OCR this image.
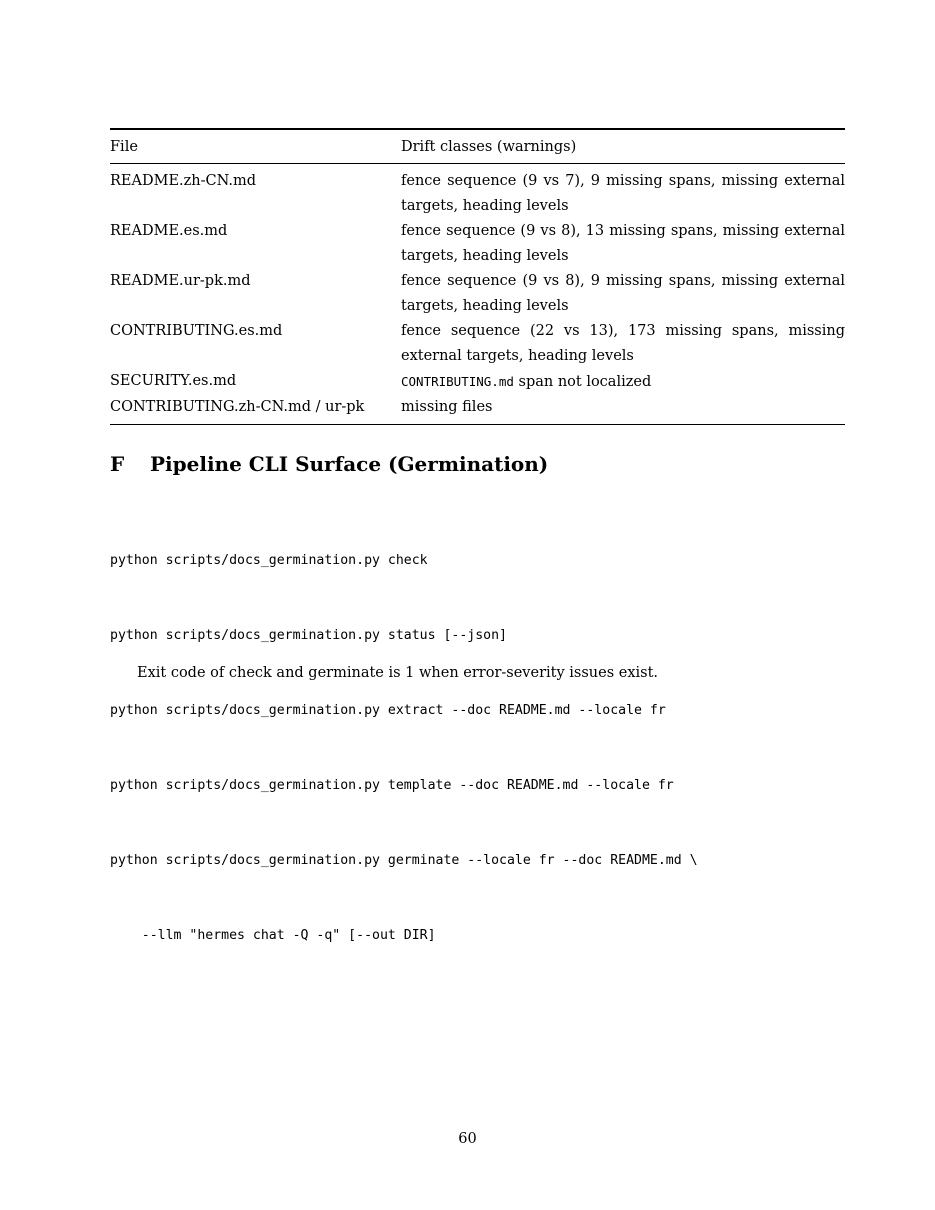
File	Drift classes (warnings)
README.zh-CN.md	fence sequence (9 vs 7), 9 missing spans, missing external targets, heading levels
README.es.md	fence sequence (9 vs 8), 13 missing spans, missing external targets, heading levels
README.ur-pk.md	fence sequence (9 vs 8), 9 missing spans, missing external targets, heading levels
CONTRIBUTING.es.md	fence sequence (22 vs 13), 173 missing spans, missing external targets, heading levels
SECURITY.es.md	CONTRIBUTING.md span not localized
CONTRIBUTING.zh-CN.md / ur-pk	missing files
F Pipeline CLI Surface (Germination)

python scripts/docs_germination.py check

python scripts/docs_germination.py status [--json]

python scripts/docs_germination.py extract --doc README.md --locale fr

python scripts/docs_germination.py template --doc README.md --locale fr

python scripts/docs_germination.py germinate --locale fr --doc README.md \

--llm "hermes chat -Q -q" [--out DIR]

Exit code of check and germinate is 1 when error-severity issues exist.
60
